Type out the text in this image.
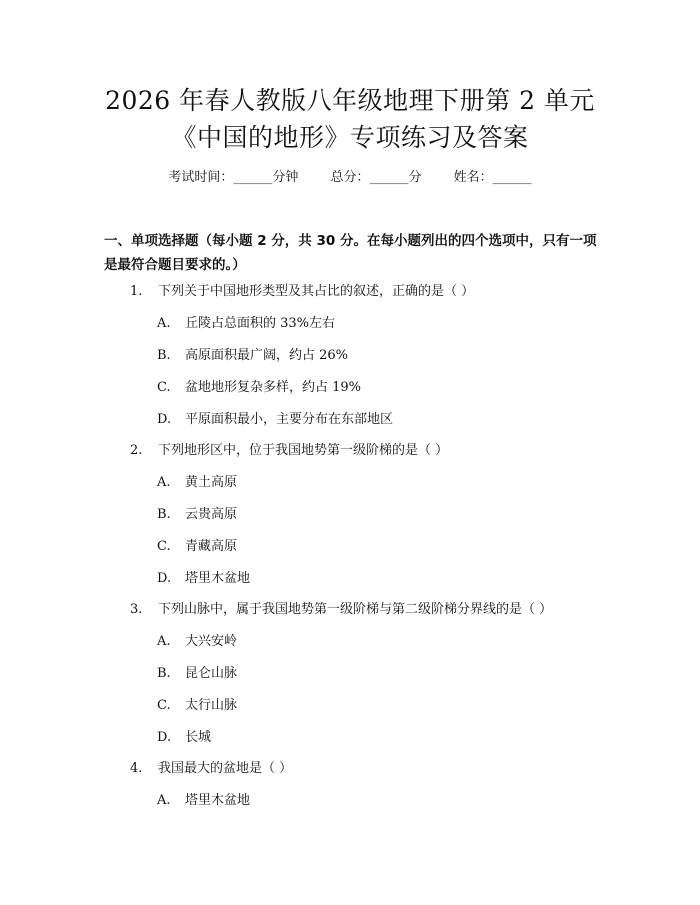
2026 年春人教版八年级地理下册第 2 单元
《中国的地形》专项练习及答案
考试时间：______分钟 总分：______分 姓名：______
一、单项选择题（每小题 2 分，共 30 分。在每小题列出的四个选项中，只有一项
是最符合题目要求的。）
1. 下列关于中国地形类型及其占比的叙述，正确的是（ ）
A. 丘陵占总面积的 33%左右
B. 高原面积最广阔，约占 26%
C. 盆地地形复杂多样，约占 19%
D. 平原面积最小，主要分布在东部地区
2. 下列地形区中，位于我国地势第一级阶梯的是（ ）
A. 黄土高原
B. 云贵高原
C. 青藏高原
D. 塔里木盆地
3. 下列山脉中，属于我国地势第一级阶梯与第二级阶梯分界线的是（ ）
A. 大兴安岭
B. 昆仑山脉
C. 太行山脉
D. 长城
4. 我国最大的盆地是（ ）
A. 塔里木盆地
